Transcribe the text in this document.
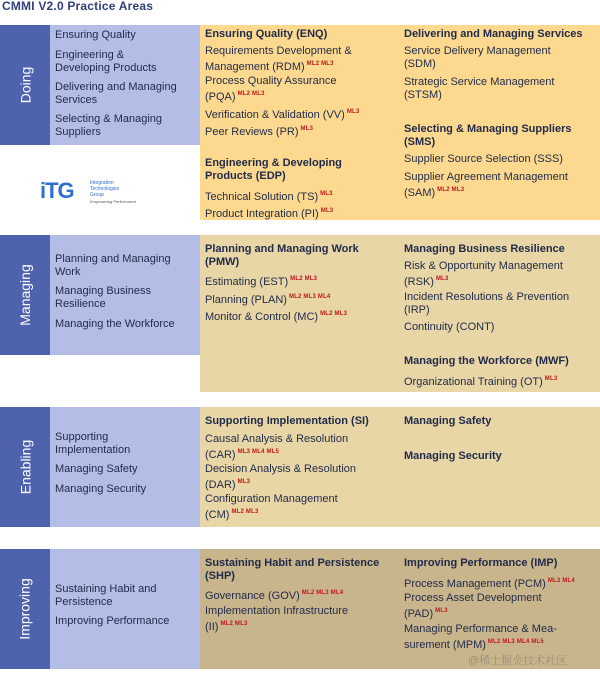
CMMI V2.0 Practice Areas
Doing
Ensuring Quality
Engineering &
Developing Products
Delivering and Managing
Services
Selecting & Managing
Suppliers
iTG	Integration
Technologies
Group
Empowering Performance
Ensuring Quality (ENQ)
Requirements Development &
Management (RDM) $^{ML2 ML3}$
Process Quality Assurance
(PQA) $^{ML2 ML3}$
Verification & Validation (VV) $^{ML3}$
Peer Reviews (PR) $^{ML3}$
Engineering & Developing
Products (EDP)
Technical Solution (TS) $^{ML3}$
Product Integration (PI) $^{ML3}$
Delivering and Managing Services
Service Delivery Management
(SDM)
Strategic Service Management
(STSM)
Selecting & Managing Suppliers
(SMS)
Supplier Source Selection (SSS)
Supplier Agreement Management
(SAM) $^{ML2 ML3}$
Managing
Planning and Managing
Work
Managing Business
Resilience
Managing the Workforce
Planning and Managing Work
(PMW)
Estimating (EST) $^{ML2 ML3}$
Planning (PLAN) $^{ML2 ML3 ML4}$
Monitor & Control (MC) $^{ML2 ML3}$
Managing Business Resilience
Risk & Opportunity Management
(RSK) $^{ML3}$
Incident Resolutions & Prevention
(IRP)
Continuity (CONT)
Managing the Workforce (MWF)
Organizational Training (OT) $^{ML3}$
Enabling
Supporting
Implementation
Managing Safety
Managing Security
Supporting Implementation (SI)
Causal Analysis & Resolution
(CAR) $^{ML3 ML4 ML5}$
Decision Analysis & Resolution
(DAR) $^{ML3}$
Configuration Management
(CM) $^{ML2 ML3}$
Managing Safety
Managing Security
Improving Sustaining Habit and
Persistence
Improving Performance
Sustaining Habit and Persistence
(SHP)
Governance (GOV) $^{ML2 ML3 ML4}$
Implementation Infrastructure
(II) $^{ML2 ML3}$
Improving Performance (IMP)
Process Management (PCM) $^{ML3 ML4}$
Process Asset Development
(PAD) $^{ML3}$
Managing Performance & Mea-
surement (MPM) $^{ML2 ML3 ML4 ML5}$
@稀土掘金技术社区
